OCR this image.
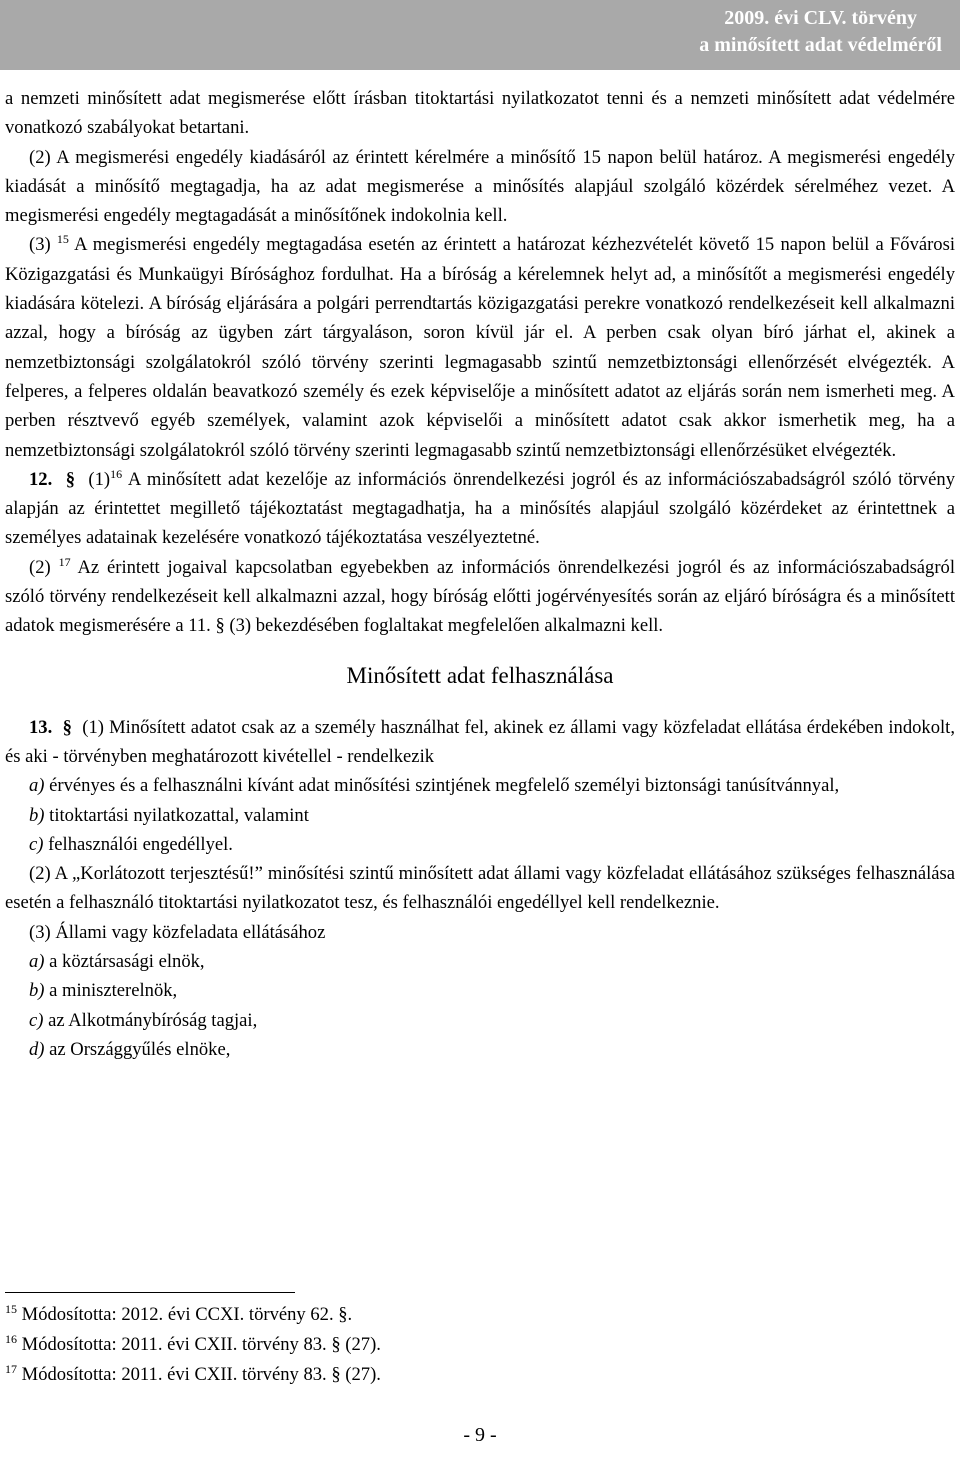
2009. évi CLV. törvény
a minősített adat védelméről

a nemzeti minősített adat megismerése előtt írásban titoktartási nyilatkozatot tenni és a nemzeti minősített adat védelmére vonatkozó szabályokat betartani.

(2) A megismerési engedély kiadásáról az érintett kérelmére a minősítő 15 napon belül határoz. A megismerési engedély kiadását a minősítő megtagadja, ha az adat megismerése a minősítés alapjául szolgáló közérdek sérelméhez vezet. A megismerési engedély megtagadását a minősítőnek indokolnia kell.

(3) $^{15}$ A megismerési engedély megtagadása esetén az érintett a határozat kézhezvételét követő 15 napon belül a Fővárosi Közigazgatási és Munkaügyi Bírósághoz fordulhat. Ha a bíróság a kérelemnek helyt ad, a minősítőt a megismerési engedély kiadására kötelezi. A bíróság eljárására a polgári perrendtartás közigazgatási perekre vonatkozó rendelkezéseit kell alkalmazni azzal, hogy a bíróság az ügyben zárt tárgyaláson, soron kívül jár el. A perben csak olyan bíró járhat el, akinek a nemzetbiztonsági szolgálatokról szóló törvény szerinti legmagasabb szintű nemzetbiztonsági ellenőrzését elvégezték. A felperes, a felperes oldalán beavatkozó személy és ezek képviselője a minősített adatot az eljárás során nem ismerheti meg. A perben résztvevő egyéb személyek, valamint azok képviselői a minősített adatot csak akkor ismerhetik meg, ha a nemzetbiztonsági szolgálatokról szóló törvény szerinti legmagasabb szintű nemzetbiztonsági ellenőrzésüket elvégezték.

12. § $(1)^{16}$ A minősített adat kezelője az információs önrendelkezési jogról és az információszabadságról szóló törvény alapján az érintettet megillető tájékoztatást megtagadhatja, ha a minősítés alapjául szolgáló közérdeket az érintettnek a személyes adatainak kezelésére vonatkozó tájékoztatása veszélyeztetné.

(2) $^{17}$ Az érintett jogaival kapcsolatban egyebekben az információs önrendelkezési jogról és az információszabadságról szóló törvény rendelkezéseit kell alkalmazni azzal, hogy bíróság előtti jogérvényesítés során az eljáró bíróságra és a minősített adatok megismerésére a 11. § (3) bekezdésében foglaltakat megfelelően alkalmazni kell.

Minősített adat felhasználása

13. § (1) Minősített adatot csak az a személy használhat fel, akinek ez állami vagy közfeladat ellátása érdekében indokolt, és aki - törvényben meghatározott kivétellel - rendelkezik

a) érvényes és a felhasználni kívánt adat minősítési szintjének megfelelő személyi biztonsági tanúsítvánnyal,

b) titoktartási nyilatkozattal, valamint

c) felhasználói engedéllyel.

(2) A „Korlátozott terjesztésű!” minősítési szintű minősített adat állami vagy közfeladat ellátásához szükséges felhasználása esetén a felhasználó titoktartási nyilatkozatot tesz, és felhasználói engedéllyel kell rendelkeznie.

(3) Állami vagy közfeladata ellátásához

a) a köztársasági elnök,

b) a miniszterelnök,

c) az Alkotmánybíróság tagjai,

d) az Országgyűlés elnöke,

$^{15}$ Módosította: 2012. évi CCXI. törvény 62. §.
$^{16}$ Módosította: 2011. évi CXII. törvény 83. § (27).
$^{17}$ Módosította: 2011. évi CXII. törvény 83. § (27).
- 9 -
